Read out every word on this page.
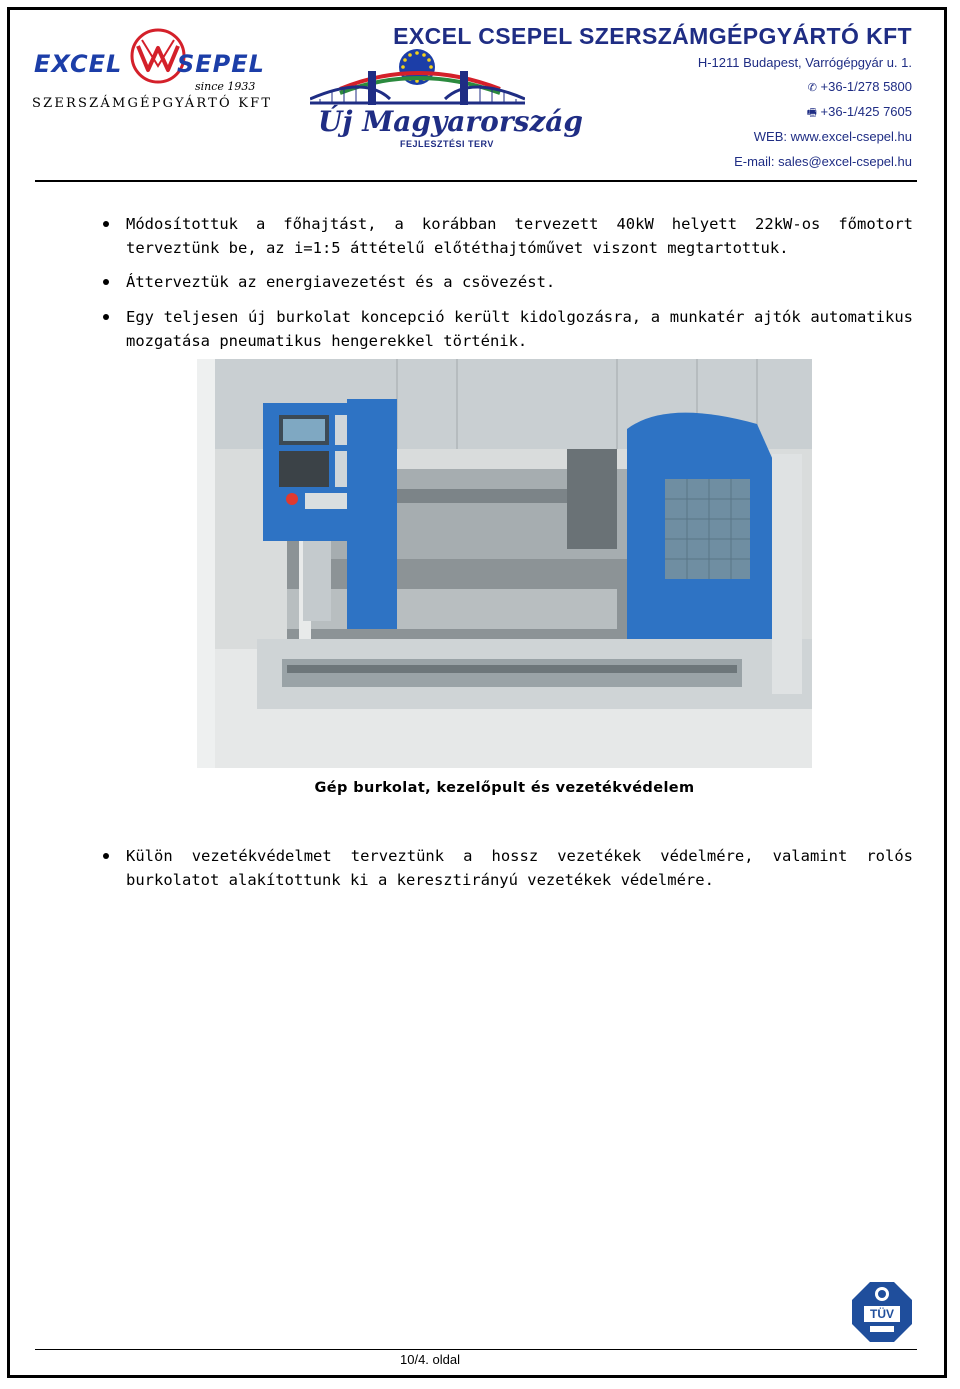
EXCEL SEPEL
since 1933
SZERSZÁMGÉPGYÁRTÓ KFT
Új Magyarország
FEJLESZTÉSI TERV
EXCEL CSEPEL SZERSZÁMGÉPGYÁRTÓ KFT
H-1211 Budapest, Varrógépgyár u. 1.
✆ +36-1/278 5800
🖷 +36-1/425 7605
WEB: www.excel-csepel.hu
E-mail: sales@excel-csepel.hu
Módosítottuk a főhajtást, a korábban tervezett 40kW helyett 22kW-os főmotort terveztünk be, az i=1:5 áttételű előtéthajtóművet viszont megtartottuk.
Átterveztük az energiavezetést és a csövezést.
Egy teljesen új burkolat koncepció került kidolgozásra, a munkatér ajtók automatikus mozgatása pneumatikus hengerekkel történik.
Gép burkolat, kezelőpult és vezetékvédelem
Külön vezetékvédelmet terveztünk a hossz vezetékek védelmére, valamint rolós burkolatot alakítottunk ki a keresztirányú vezetékek védelmére.
TÜV
10/4. oldal
